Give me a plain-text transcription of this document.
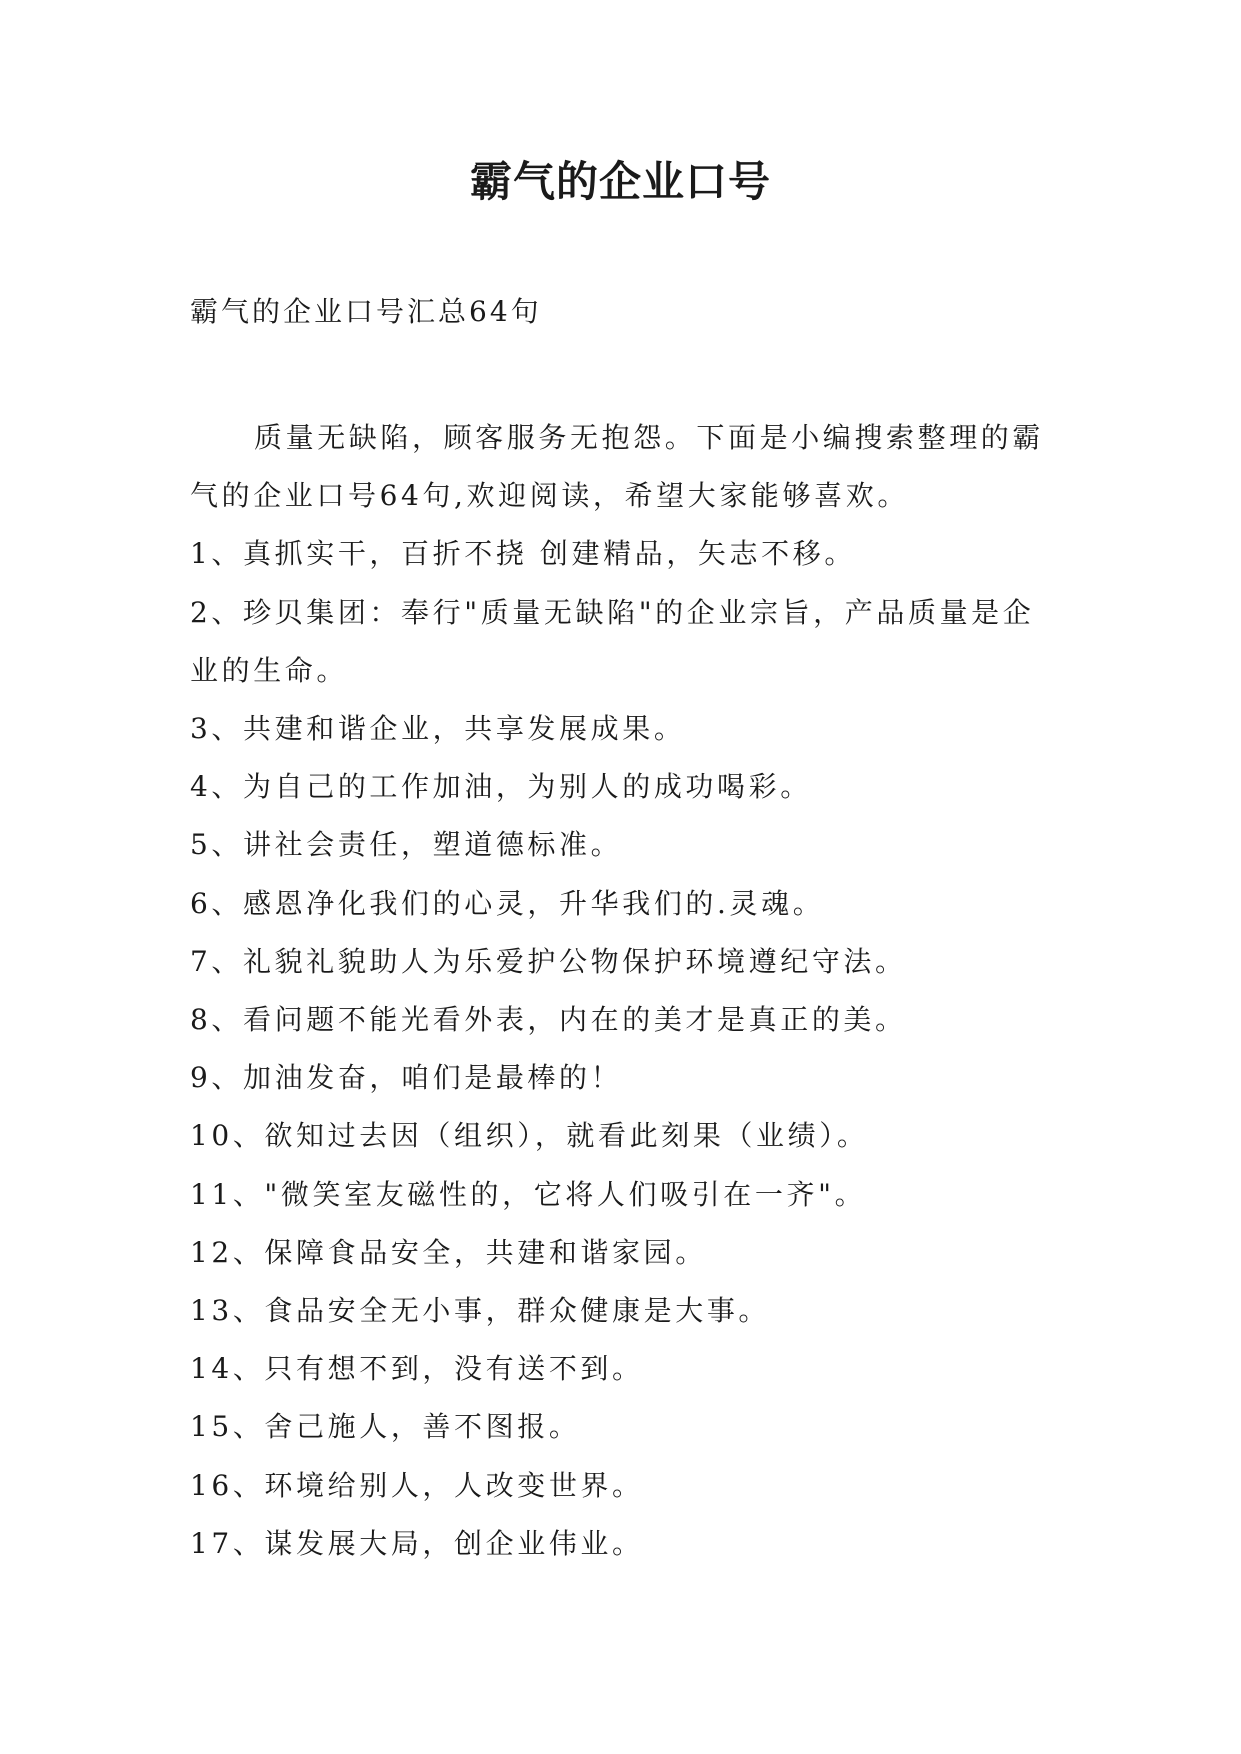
霸气的企业口号

霸气的企业口号汇总64句

质量无缺陷，顾客服务无抱怨。下面是小编搜索整理的霸气的企业口号64句,欢迎阅读，希望大家能够喜欢。

1、真抓实干，百折不挠 创建精品，矢志不移。

2、珍贝集团：奉行"质量无缺陷"的企业宗旨，产品质量是企业的生命。

3、共建和谐企业，共享发展成果。

4、为自己的工作加油，为别人的成功喝彩。

5、讲社会责任，塑道德标准。

6、感恩净化我们的心灵，升华我们的.灵魂。

7、礼貌礼貌助人为乐爱护公物保护环境遵纪守法。

8、看问题不能光看外表，内在的美才是真正的美。

9、加油发奋，咱们是最棒的！

10、欲知过去因（组织），就看此刻果（业绩）。

11、"微笑室友磁性的，它将人们吸引在一齐"。

12、保障食品安全，共建和谐家园。

13、食品安全无小事，群众健康是大事。

14、只有想不到，没有送不到。

15、舍己施人，善不图报。

16、环境给别人，人改变世界。

17、谋发展大局，创企业伟业。
